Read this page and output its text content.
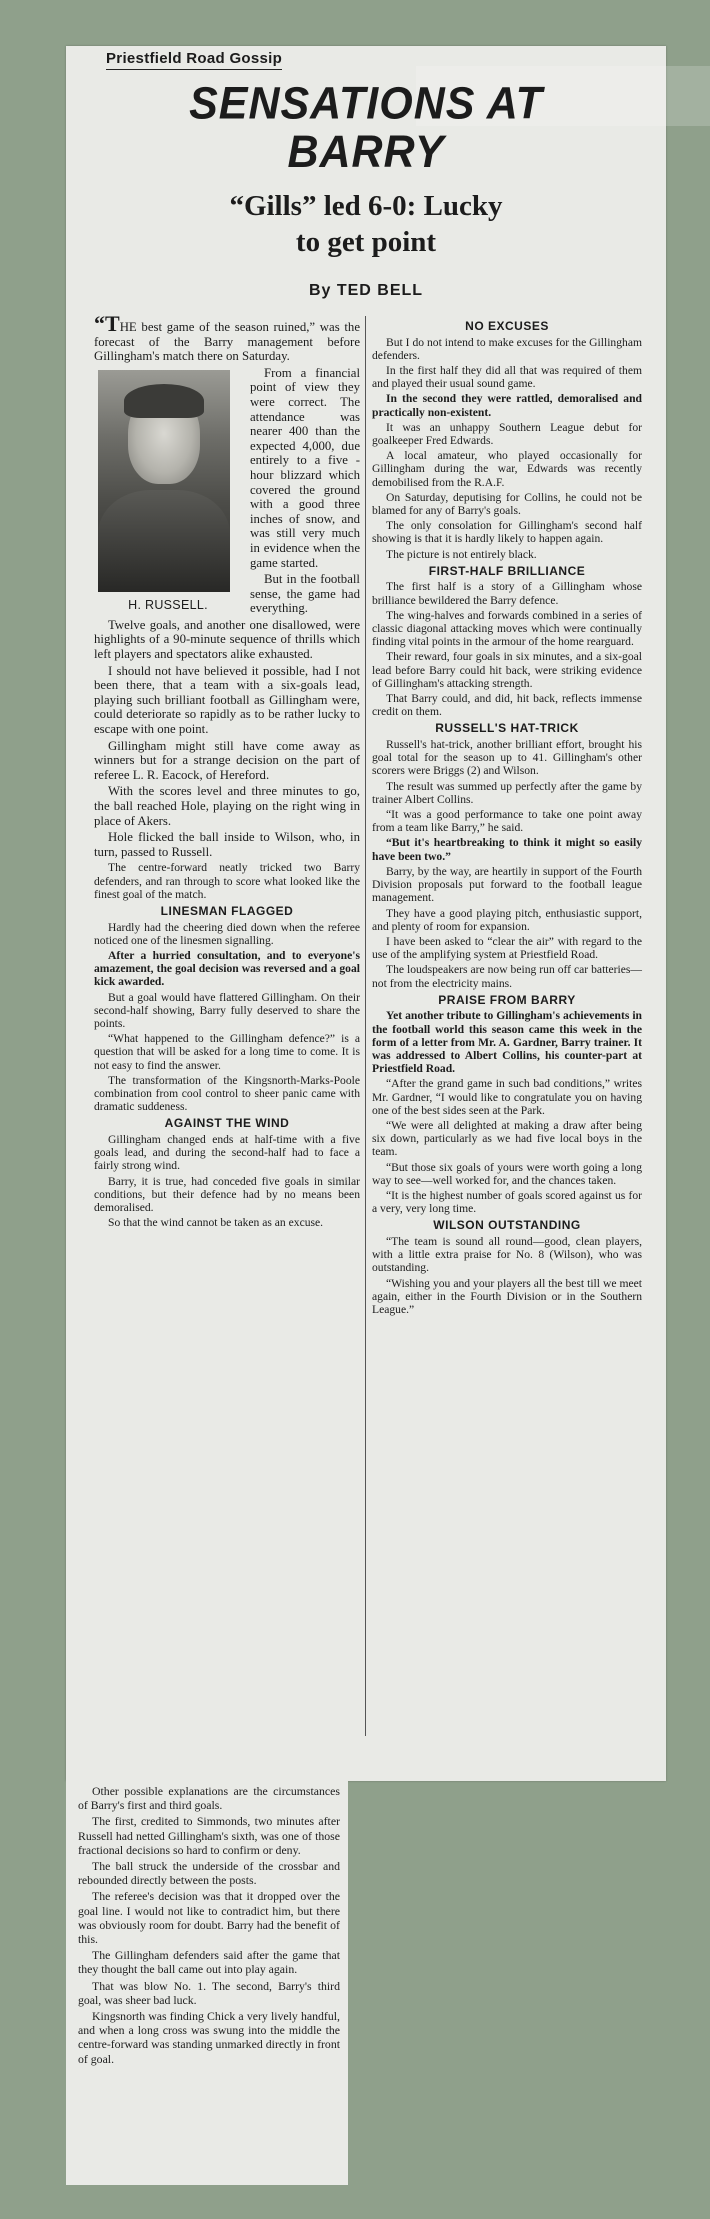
Priestfield Road Gossip
SENSATIONS AT
BARRY
“Gills” led 6-0: Lucky
to get point
By TED BELL

“THE best game of the season ruined,” was the forecast of the Barry management before Gillingham's match there on Saturday.

H. RUSSELL.

From a financial point of view they were correct. The attendance was nearer 400 than the expected 4,000, due entirely to a five - hour blizzard which covered the ground with a good three inches of snow, and was still very much in evidence when the game started.

But in the football sense, the game had everything.

Twelve goals, and another one disallowed, were highlights of a 90-minute sequence of thrills which left players and spectators alike exhausted.

I should not have believed it possible, had I not been there, that a team with a six-goals lead, playing such brilliant football as Gillingham were, could deteriorate so rapidly as to be rather lucky to escape with one point.

Gillingham might still have come away as winners but for a strange decision on the part of referee L. R. Eacock, of Hereford.

With the scores level and three minutes to go, the ball reached Hole, playing on the right wing in place of Akers.

Hole flicked the ball inside to Wilson, who, in turn, passed to Russell.

The centre-forward neatly tricked two Barry defenders, and ran through to score what looked like the finest goal of the match.

LINESMAN FLAGGED

Hardly had the cheering died down when the referee noticed one of the linesmen signalling.

After a hurried consultation, and to everyone's amazement, the goal decision was reversed and a goal kick awarded.

But a goal would have flattered Gillingham. On their second-half showing, Barry fully deserved to share the points.

“What happened to the Gillingham defence?” is a question that will be asked for a long time to come. It is not easy to find the answer.

The transformation of the Kingsnorth-Marks-Poole combination from cool control to sheer panic came with dramatic suddeness.

AGAINST THE WIND

Gillingham changed ends at half-time with a five goals lead, and during the second-half had to face a fairly strong wind.

Barry, it is true, had conceded five goals in similar conditions, but their defence had by no means been demoralised.

So that the wind cannot be taken as an excuse.

NO EXCUSES

But I do not intend to make excuses for the Gillingham defenders.

In the first half they did all that was required of them and played their usual sound game.

In the second they were rattled, demoralised and practically non-existent.

It was an unhappy Southern League debut for goalkeeper Fred Edwards.

A local amateur, who played occasionally for Gillingham during the war, Edwards was recently demobilised from the R.A.F.

On Saturday, deputising for Collins, he could not be blamed for any of Barry's goals.

The only consolation for Gillingham's second half showing is that it is hardly likely to happen again.

The picture is not entirely black.

FIRST-HALF BRILLIANCE

The first half is a story of a Gillingham whose brilliance bewildered the Barry defence.

The wing-halves and forwards combined in a series of classic diagonal attacking moves which were continually finding vital points in the armour of the home rearguard.

Their reward, four goals in six minutes, and a six-goal lead before Barry could hit back, were striking evidence of Gillingham's attacking strength.

That Barry could, and did, hit back, reflects immense credit on them.

RUSSELL'S HAT-TRICK

Russell's hat-trick, another brilliant effort, brought his goal total for the season up to 41. Gillingham's other scorers were Briggs (2) and Wilson.

The result was summed up perfectly after the game by trainer Albert Collins.

“It was a good performance to take one point away from a team like Barry,” he said.

“But it's heartbreaking to think it might so easily have been two.”

Barry, by the way, are heartily in support of the Fourth Division proposals put forward to the football league management.

They have a good playing pitch, enthusiastic support, and plenty of room for expansion.

I have been asked to “clear the air” with regard to the use of the amplifying system at Priestfield Road.

The loudspeakers are now being run off car batteries—not from the electricity mains.

PRAISE FROM BARRY

Yet another tribute to Gillingham's achievements in the football world this season came this week in the form of a letter from Mr. A. Gardner, Barry trainer. It was addressed to Albert Collins, his counter-part at Priestfield Road.

“After the grand game in such bad conditions,” writes Mr. Gardner, “I would like to congratulate you on having one of the best sides seen at the Park.

“We were all delighted at making a draw after being six down, particularly as we had five local boys in the team.

“But those six goals of yours were worth going a long way to see—well worked for, and the chances taken.

“It is the highest number of goals scored against us for a very, very long time.

WILSON OUTSTANDING

“The team is sound all round—good, clean players, with a little extra praise for No. 8 (Wilson), who was outstanding.

“Wishing you and your players all the best till we meet again, either in the Fourth Division or in the Southern League.”

Other possible explanations are the circumstances of Barry's first and third goals.

The first, credited to Simmonds, two minutes after Russell had netted Gillingham's sixth, was one of those fractional decisions so hard to confirm or deny.

The ball struck the underside of the crossbar and rebounded directly between the posts.

The referee's decision was that it dropped over the goal line. I would not like to contradict him, but there was obviously room for doubt. Barry had the benefit of this.

The Gillingham defenders said after the game that they thought the ball came out into play again.

That was blow No. 1. The second, Barry's third goal, was sheer bad luck.

Kingsnorth was finding Chick a very lively handful, and when a long cross was swung into the middle the centre-forward was standing unmarked directly in front of goal.
